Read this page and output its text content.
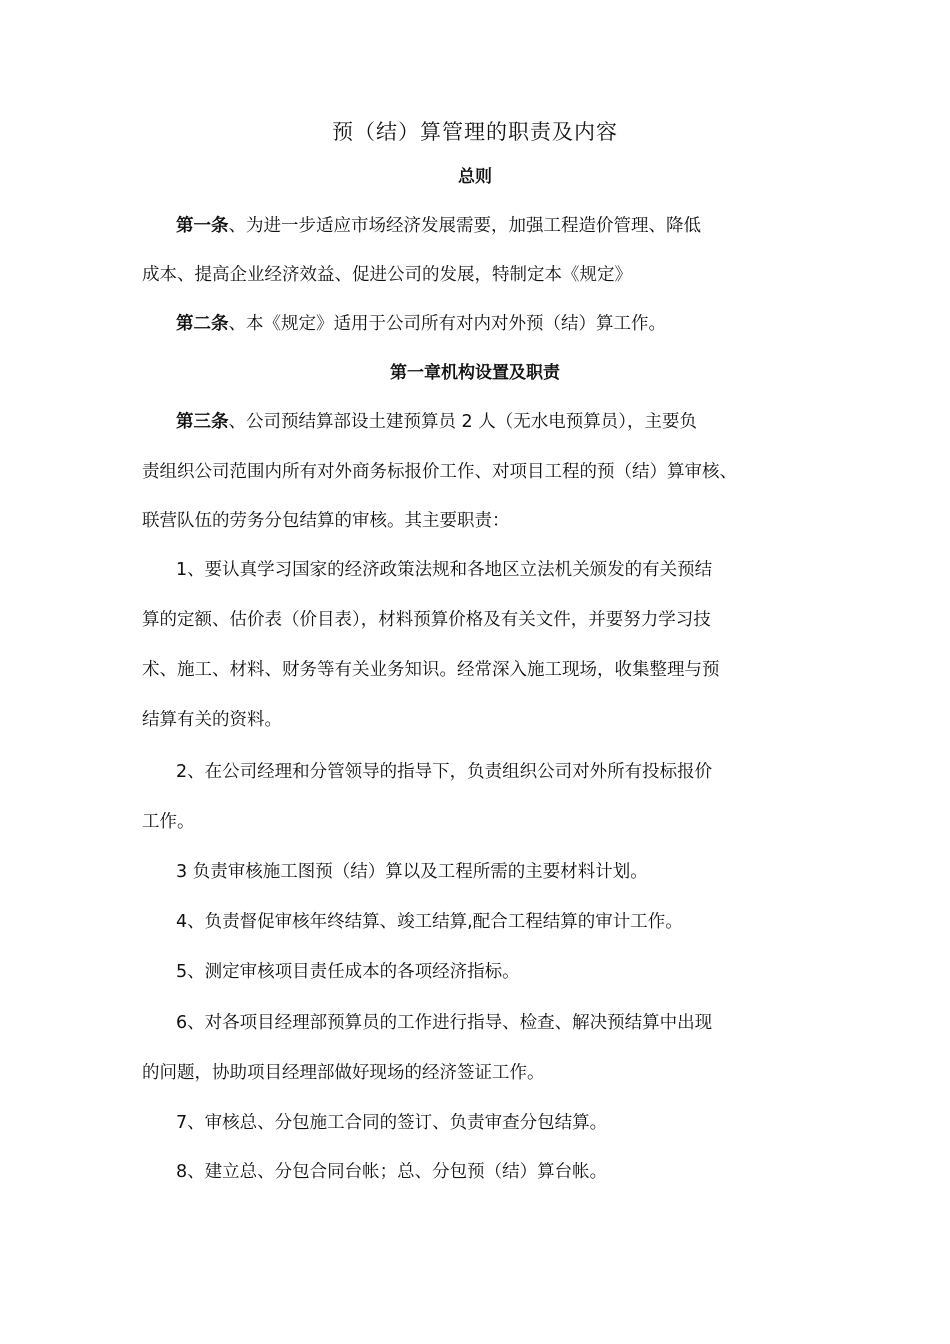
预（结）算管理的职责及内容
总则
第一条、为进一步适应市场经济发展需要，加强工程造价管理、降低
成本、提高企业经济效益、促进公司的发展，特制定本《规定》
第二条、本《规定》适用于公司所有对内对外预（结）算工作。
第一章机构设置及职责
第三条、公司预结算部设土建预算员 2 人（无水电预算员），主要负
责组织公司范围内所有对外商务标报价工作、对项目工程的预（结）算审核、
联营队伍的劳务分包结算的审核。其主要职责：
1、要认真学习国家的经济政策法规和各地区立法机关颁发的有关预结
算的定额、估价表（价目表），材料预算价格及有关文件，并要努力学习技
术、施工、材料、财务等有关业务知识。经常深入施工现场，收集整理与预
结算有关的资料。
2、在公司经理和分管领导的指导下，负责组织公司对外所有投标报价
工作。
3 负责审核施工图预（结）算以及工程所需的主要材料计划。
4、负责督促审核年终结算、竣工结算,配合工程结算的审计工作。
5、测定审核项目责任成本的各项经济指标。
6、对各项目经理部预算员的工作进行指导、检查、解决预结算中出现
的问题，协助项目经理部做好现场的经济签证工作。
7、审核总、分包施工合同的签订、负责审查分包结算。
8、建立总、分包合同台帐；总、分包预（结）算台帐。
